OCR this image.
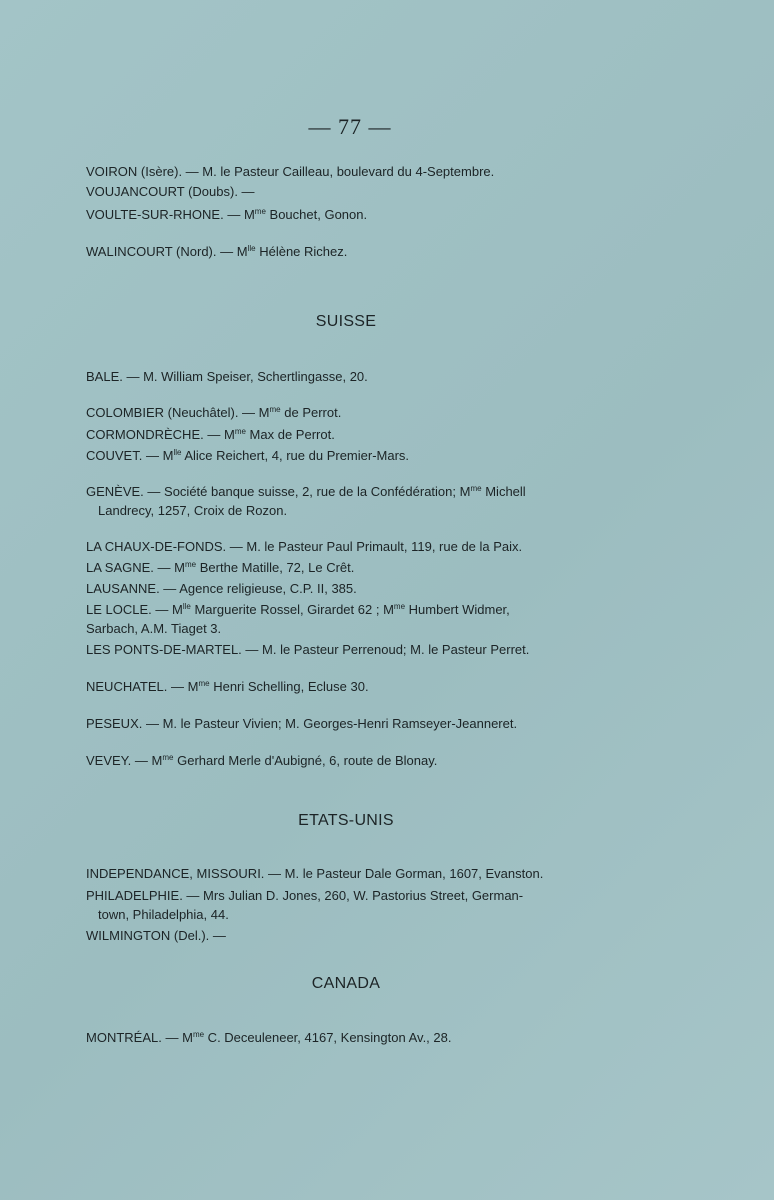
— 77 —
VOIRON (Isère). — M. le Pasteur Cailleau, boulevard du 4-Septembre.
VOUJANCOURT (Doubs). —
VOULTE-SUR-RHONE. — $M^{me}$ Bouchet, Gonon.
WALINCOURT (Nord). — $M^{lle}$ Hélène Richez.
SUISSE
BALE. — M. William Speiser, Schertlingasse, 20.
COLOMBIER (Neuchâtel). — $M^{me}$ de Perrot.
CORMONDRÈCHE. — $M^{me}$ Max de Perrot.
COUVET. — $M^{lle}$ Alice Reichert, 4, rue du Premier-Mars.
GENÈVE. — Société banque suisse, 2, rue de la Confédération; $M^{me}$ Michell
Landrecy, 1257, Croix de Rozon.
LA CHAUX-DE-FONDS. — M. le Pasteur Paul Primault, 119, rue de la Paix.
LA SAGNE. — $M^{me}$ Berthe Matille, 72, Le Crêt.
LAUSANNE. — Agence religieuse, C.P. II, 385.
LE LOCLE. — $M^{lle}$ Marguerite Rossel, Girardet 62 ; $M^{me}$ Humbert Widmer,
Sarbach, A.M. Tiaget 3.
LES PONTS-DE-MARTEL. — M. le Pasteur Perrenoud; M. le Pasteur Perret.
NEUCHATEL. — $M^{me}$ Henri Schelling, Ecluse 30.
PESEUX. — M. le Pasteur Vivien; M. Georges-Henri Ramseyer-Jeanneret.
VEVEY. — $M^{me}$ Gerhard Merle d'Aubigné, 6, route de Blonay.
ETATS-UNIS
INDEPENDANCE, MISSOURI. — M. le Pasteur Dale Gorman, 1607, Evanston.
PHILADELPHIE. — Mrs Julian D. Jones, 260, W. Pastorius Street, German-
town, Philadelphia, 44.
WILMINGTON (Del.). —
CANADA
MONTRÉAL. — $M^{me}$ C. Deceuleneer, 4167, Kensington Av., 28.
